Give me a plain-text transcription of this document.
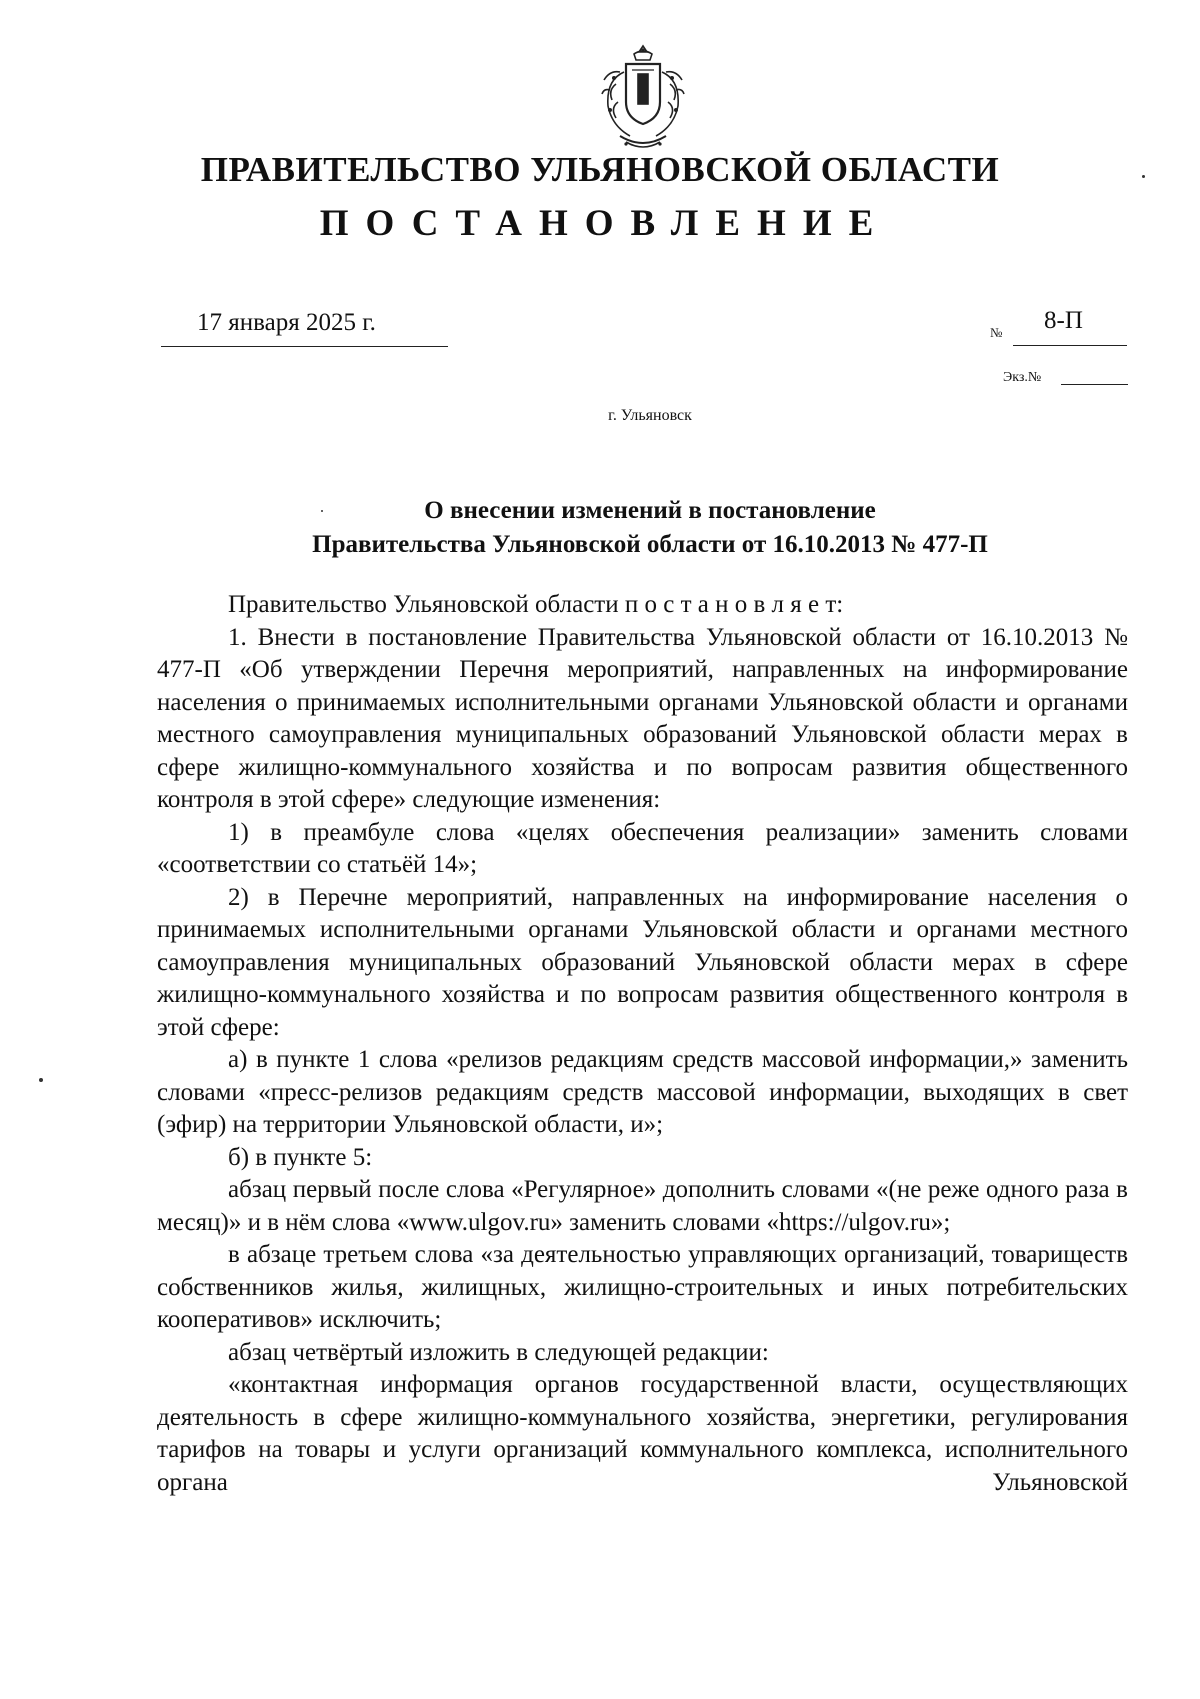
ПРАВИТЕЛЬСТВО УЛЬЯНОВСКОЙ ОБЛАСТИ
ПОСТАНОВЛЕНИЕ
17 января 2025 г.	№ 8-П
Экз.№
г. Ульяновск
О внесении изменений в постановление
Правительства Ульяновской области от 16.10.2013 № 477-П

Правительство Ульяновской области п о с т а н о в л я е т:

1. Внести в постановление Правительства Ульяновской области от 16.10.2013 № 477-П «Об утверждении Перечня мероприятий, направленных на информирование населения о принимаемых исполнительными органами Ульяновской области и органами местного самоуправления муниципальных образований Ульяновской области мерах в сфере жилищно-коммунального хозяйства и по вопросам развития общественного контроля в этой сфере» следующие изменения:

1) в преамбуле слова «целях обеспечения реализации» заменить словами «соответствии со статьёй 14»;

2) в Перечне мероприятий, направленных на информирование населения о принимаемых исполнительными органами Ульяновской области и органами местного самоуправления муниципальных образований Ульяновской области мерах в сфере жилищно-коммунального хозяйства и по вопросам развития общественного контроля в этой сфере:

а) в пункте 1 слова «релизов редакциям средств массовой информации,» заменить словами «пресс-релизов редакциям средств массовой информации, выходящих в свет (эфир) на территории Ульяновской области, и»;

б) в пункте 5:

абзац первый после слова «Регулярное» дополнить словами «(не реже одного раза в месяц)» и в нём слова «www.ulgov.ru» заменить словами «https://ulgov.ru»;

в абзаце третьем слова «за деятельностью управляющих организаций, товариществ собственников жилья, жилищных, жилищно-строительных и иных потребительских кооперативов» исключить;

абзац четвёртый изложить в следующей редакции:

«контактная информация органов государственной власти, осуществляющих деятельность в сфере жилищно-коммунального хозяйства, энергетики, регулирования тарифов на товары и услуги организаций коммунального комплекса, исполнительного органа Ульяновской
